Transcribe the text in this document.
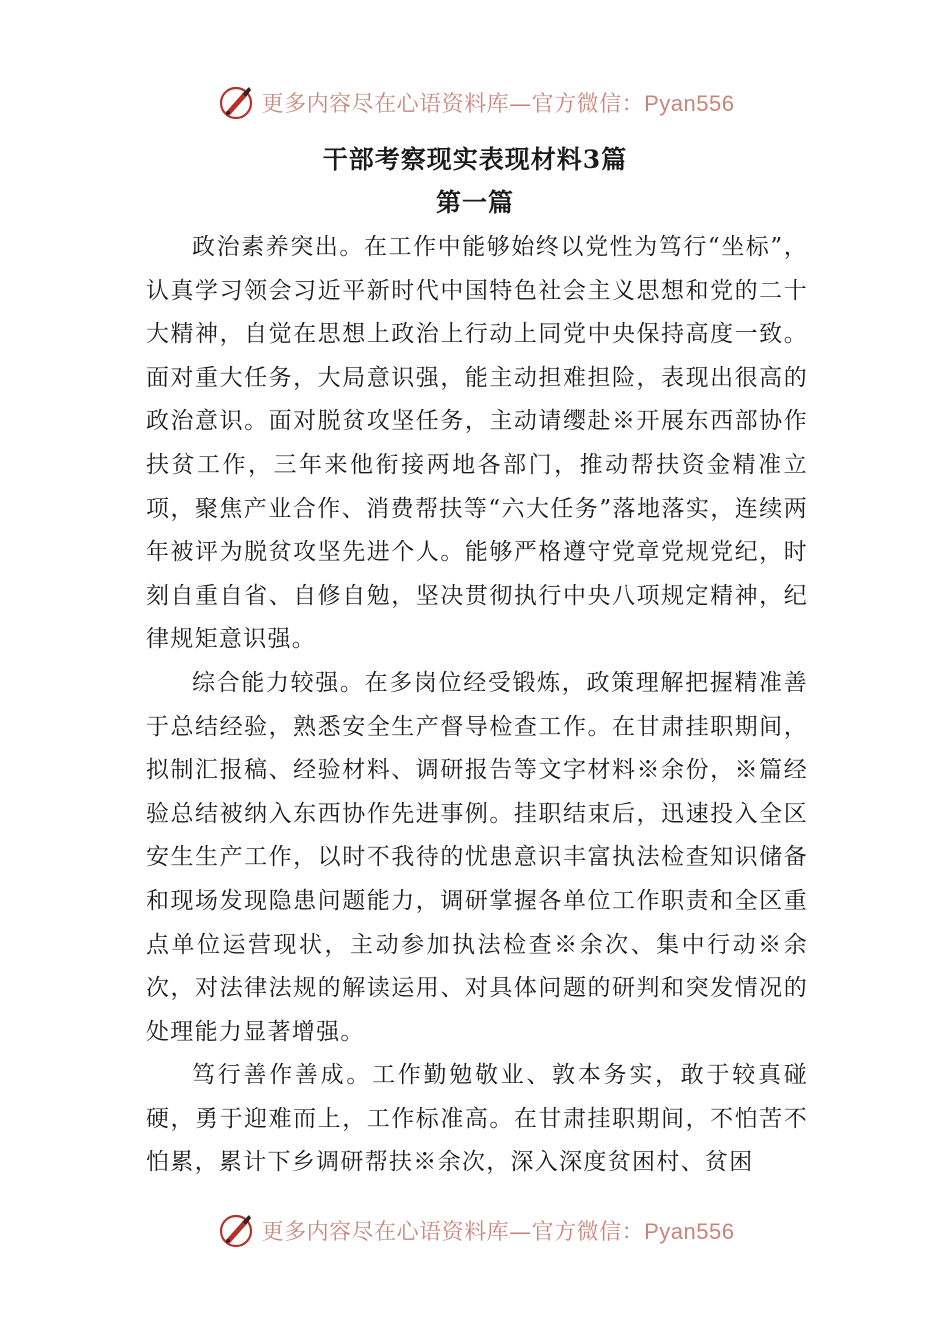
更多内容尽在心语资料库—官方微信：Pyan556
干部考察现实表现材料3篇
第一篇

政治素养突出。在工作中能够始终以党性为笃行“坐标”，认真学习领会习近平新时代中国特色社会主义思想和党的二十大精神，自觉在思想上政治上行动上同党中央保持高度一致。面对重大任务，大局意识强，能主动担难担险，表现出很高的政治意识。面对脱贫攻坚任务，主动请缨赴※开展东西部协作扶贫工作，三年来他衔接两地各部门，推动帮扶资金精准立项，聚焦产业合作、消费帮扶等“六大任务”落地落实，连续两年被评为脱贫攻坚先进个人。能够严格遵守党章党规党纪，时刻自重自省、自修自勉，坚决贯彻执行中央八项规定精神，纪律规矩意识强。

综合能力较强。在多岗位经受锻炼，政策理解把握精准善于总结经验，熟悉安全生产督导检查工作。在甘肃挂职期间，拟制汇报稿、经验材料、调研报告等文字材料※余份，※篇经验总结被纳入东西协作先进事例。挂职结束后，迅速投入全区安生生产工作，以时不我待的忧患意识丰富执法检查知识储备和现场发现隐患问题能力，调研掌握各单位工作职责和全区重点单位运营现状，主动参加执法检查※余次、集中行动※余次，对法律法规的解读运用、对具体问题的研判和突发情况的处理能力显著增强。

笃行善作善成。工作勤勉敬业、敦本务实，敢于较真碰硬，勇于迎难而上，工作标准高。在甘肃挂职期间，不怕苦不怕累，累计下乡调研帮扶※余次，深入深度贫困村、贫困

更多内容尽在心语资料库—官方微信：Pyan556
